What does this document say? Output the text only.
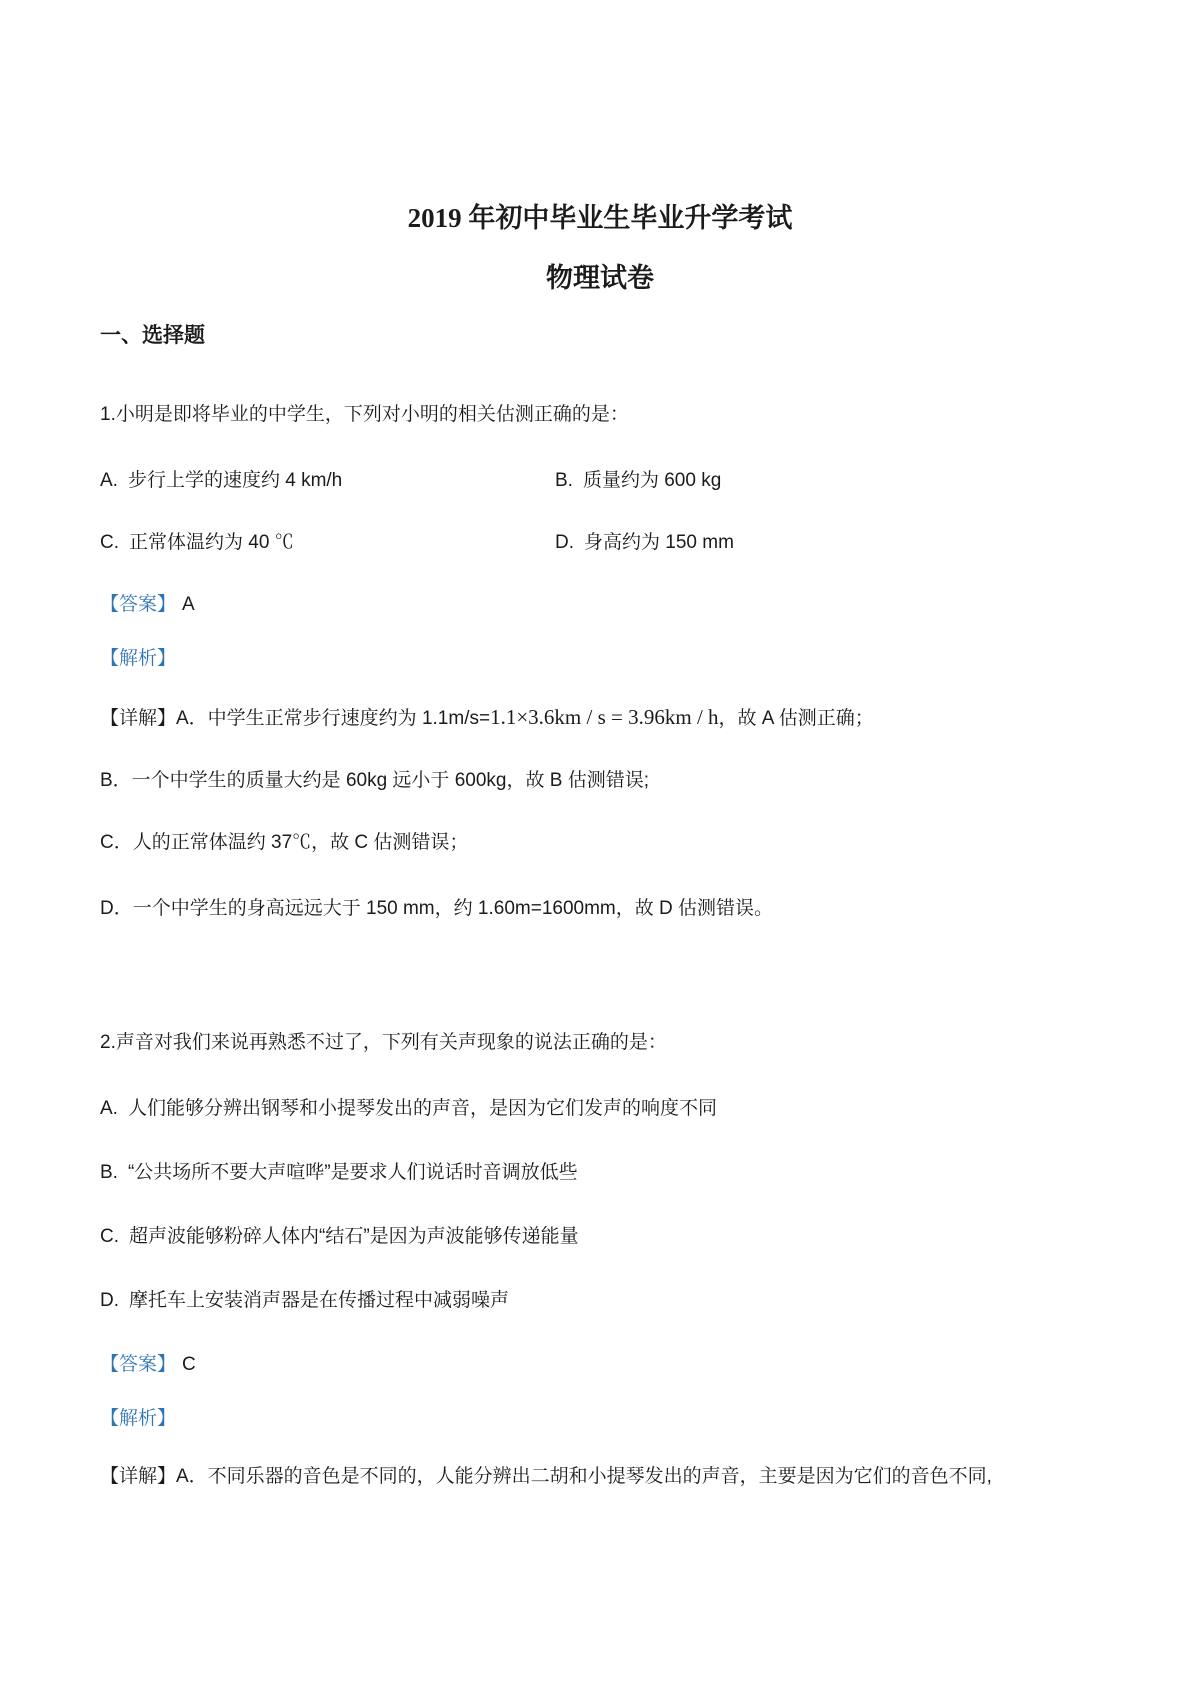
2019 年初中毕业生毕业升学考试
物理试卷
一、选择题

1.小明是即将毕业的中学生，下列对小明的相关估测正确的是：

A. 步行上学的速度约 4 km/h	B. 质量约为 600 kg
C. 正常体温约为 40 ℃	D. 身高约为 150 mm

【答案】 A

【解析】

【详解】A．中学生正常步行速度约为 1.1m/s=1.1×3.6km / s = 3.96km / h，故 A 估测正确；

B．一个中学生的质量大约是 60kg 远小于 600kg，故 B 估测错误;

C．人的正常体温约 37℃，故 C 估测错误；

D．一个中学生的身高远远大于 150 mm，约 1.60m=1600mm，故 D 估测错误。

2.声音对我们来说再熟悉不过了，下列有关声现象的说法正确的是：

A. 人们能够分辨出钢琴和小提琴发出的声音，是因为它们发声的响度不同

B. “公共场所不要大声喧哗”是要求人们说话时音调放低些

C. 超声波能够粉碎人体内“结石”是因为声波能够传递能量

D. 摩托车上安装消声器是在传播过程中减弱噪声

【答案】 C

【解析】

【详解】A．不同乐器的音色是不同的，人能分辨出二胡和小提琴发出的声音，主要是因为它们的音色不同,
